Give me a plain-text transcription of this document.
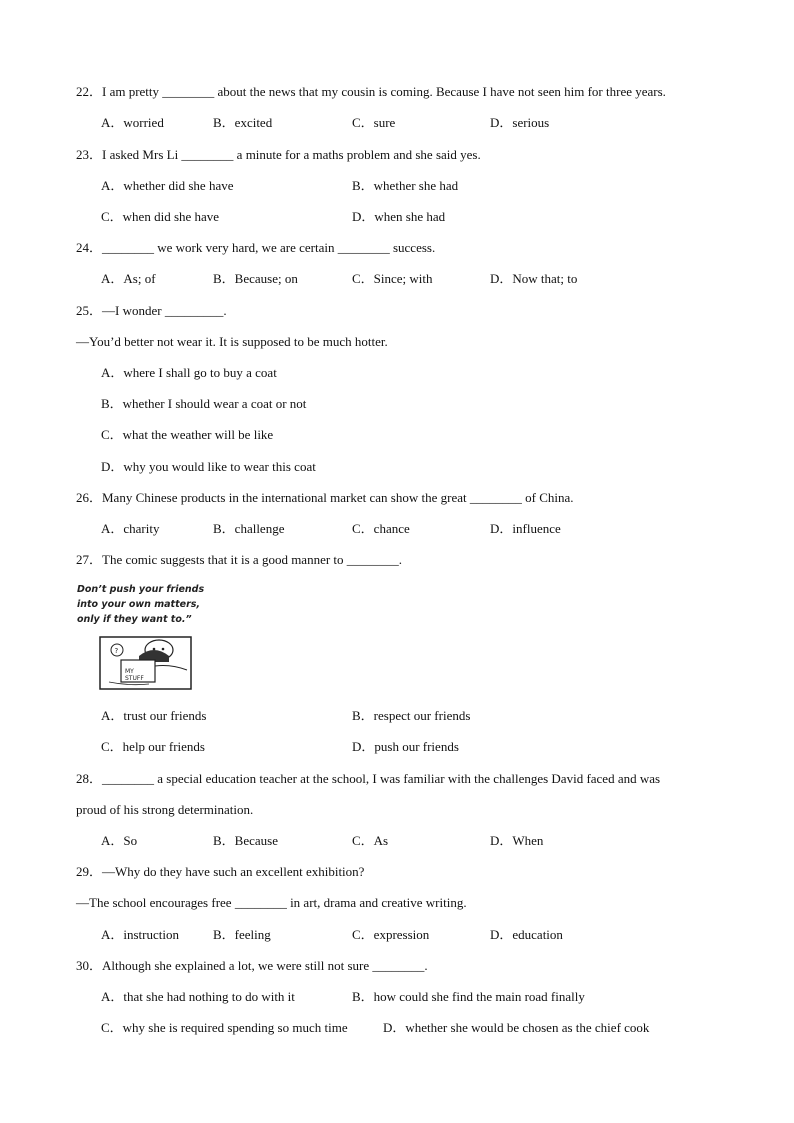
22．I am pretty ________ about the news that my cousin is coming. Because I have not seen him for three years.
A．worried	B．excited	C．sure	D．serious
23．I asked Mrs Li ________ a minute for a maths problem and she said yes.
A．whether did she have	B．whether she had
C．when did she have	D．when she had
24．________ we work very hard, we are certain ________ success.
A．As; of	B．Because; on	C．Since; with	D．Now that; to
25．—I wonder _________.
—You’d better not wear it. It is supposed to be much hotter.
A．where I shall go to buy a coat
B．whether I should wear a coat or not
C．what the weather will be like
D．why you would like to wear this coat
26．Many Chinese products in the international market can show the great ________ of China.
A．charity	B．challenge	C．chance	D．influence
27．The comic suggests that it is a good manner to ________.
Don’t push your friends into your own matters, only if they want to.”
?
MY
STUFF
A．trust our friends	B．respect our friends
C．help our friends	D．push our friends
28．________ a special education teacher at the school, I was familiar with the challenges David faced and was
proud of his strong determination.
A．So	B．Because	C．As	D．When
29．—Why do they have such an excellent exhibition?
—The school encourages free ________ in art, drama and creative writing.
A．instruction	B．feeling	C．expression	D．education
30．Although she explained a lot, we were still not sure ________.
A．that she had nothing to do with it	B．how could she find the main road finally
C．why she is required spending so much time	D．whether she would be chosen as the chief cook
